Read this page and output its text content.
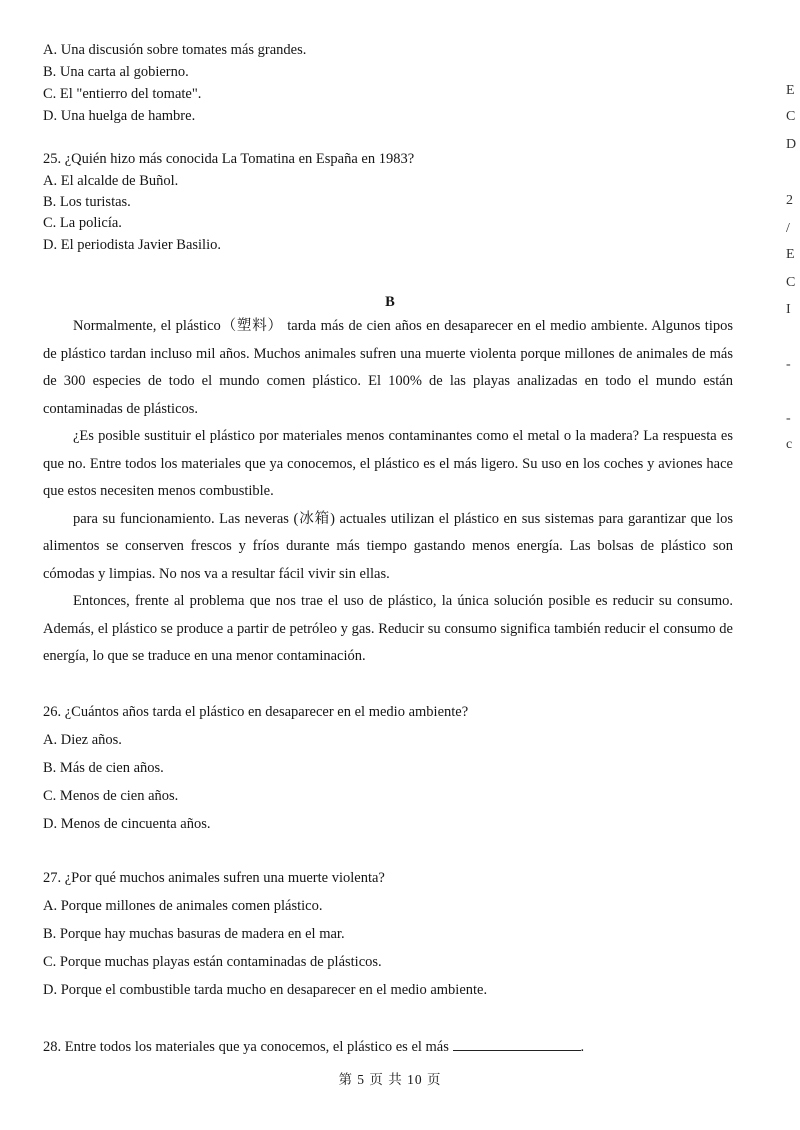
A. Una discusión sobre tomates más grandes.
B. Una carta al gobierno.
C. El "entierro del tomate".
D. Una huelga de hambre.
25. ¿Quién hizo más conocida La Tomatina en España en 1983?
A. El alcalde de Buñol.
B. Los turistas.
C. La policía.
D. El periodista Javier Basilio.
B

Normalmente, el plástico（塑料） tarda más de cien años en desaparecer en el medio ambiente. Algunos tipos de plástico tardan incluso mil años. Muchos animales sufren una muerte violenta porque millones de animales de más de 300 especies de todo el mundo comen plástico. El 100% de las playas analizadas en todo el mundo están contaminadas de plásticos.

¿Es posible sustituir el plástico por materiales menos contaminantes como el metal o la madera? La respuesta es que no. Entre todos los materiales que ya conocemos, el plástico es el más ligero. Su uso en los coches y aviones hace que estos necesiten menos combustible.

para su funcionamiento. Las neveras (冰箱) actuales utilizan el plástico en sus sistemas para garantizar que los alimentos se conserven frescos y fríos durante más tiempo gastando menos energía. Las bolsas de plástico son cómodas y limpias. No nos va a resultar fácil vivir sin ellas.

Entonces, frente al problema que nos trae el uso de plástico, la única solución posible es reducir su consumo. Además, el plástico se produce a partir de petróleo y gas. Reducir su consumo significa también reducir el consumo de energía, lo que se traduce en una menor contaminación.

26. ¿Cuántos años tarda el plástico en desaparecer en el medio ambiente?
A. Diez años.
B. Más de cien años.
C. Menos de cien años.
D. Menos de cincuenta años.
27. ¿Por qué muchos animales sufren una muerte violenta?
A. Porque millones de animales comen plástico.
B. Porque hay muchas basuras de madera en el mar.
C. Porque muchas playas están contaminadas de plásticos.
D. Porque el combustible tarda mucho en desaparecer en el medio ambiente.
28. Entre todos los materiales que ya conocemos, el plástico es el más	.
第 5 页 共 10 页
E
C
D
2
/
E
C
I
-
-
c
